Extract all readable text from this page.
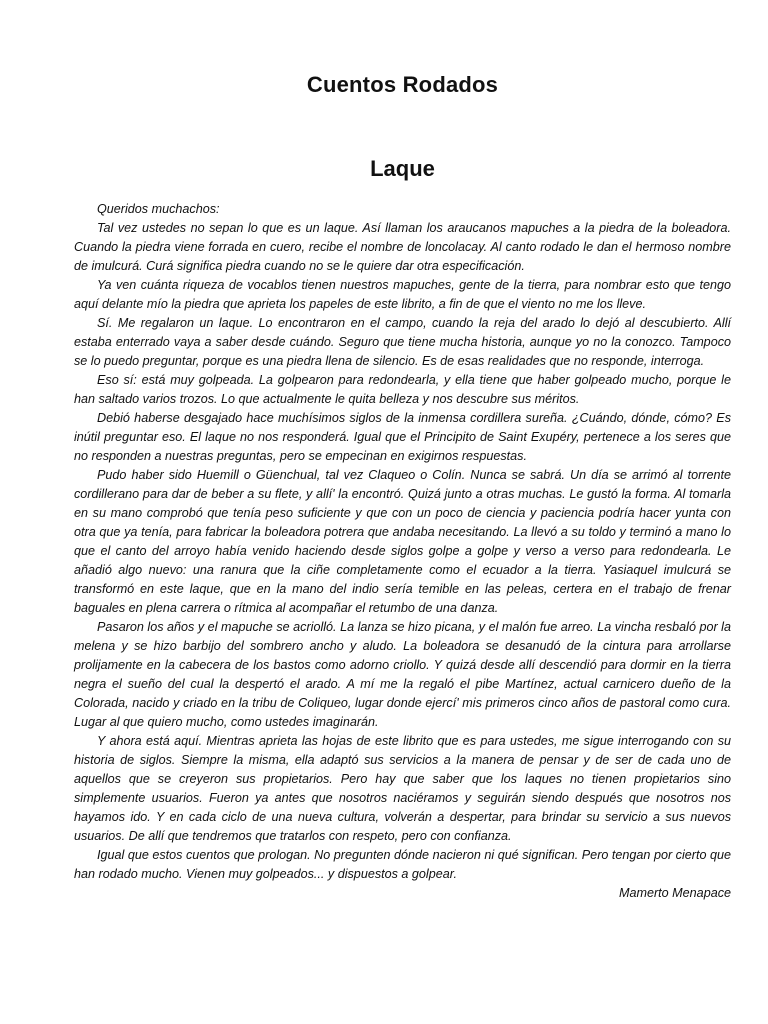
Cuentos Rodados
Laque

Queridos muchachos:

Tal vez ustedes no sepan lo que es un laque. Así llaman los araucanos mapuches a la piedra de la boleadora. Cuando la piedra viene forrada en cuero, recibe el nombre de loncolacay. Al canto rodado le dan el hermoso nombre de imulcurá. Curá significa piedra cuando no se le quiere dar otra especificación.

Ya ven cuánta riqueza de vocablos tienen nuestros mapuches, gente de la tierra, para nombrar esto que tengo aquí delante mío la piedra que aprieta los papeles de este librito, a fin de que el viento no me los lleve.

Sí. Me regalaron un laque. Lo encontraron en el campo, cuando la reja del arado lo dejó al descubierto. Allí estaba enterrado vaya a saber desde cuándo. Seguro que tiene mucha historia, aunque yo no la conozco. Tampoco se lo puedo preguntar, porque es una piedra llena de silencio. Es de esas realidades que no responde, interroga.

Eso sí: está muy golpeada. La golpearon para redondearla, y ella tiene que haber golpeado mucho, porque le han saltado varios trozos. Lo que actualmente le quita belleza y nos descubre sus méritos.

Debió haberse desgajado hace muchísimos siglos de la inmensa cordillera sureña. ¿Cuándo, dónde, cómo? Es inútil preguntar eso. El laque no nos responderá. Igual que el Principito de Saint Exupéry, pertenece a los seres que no responden a nuestras preguntas, pero se empecinan en exigirnos respuestas.

Pudo haber sido Huemill o Güenchual, tal vez Claqueo o Colín. Nunca se sabrá. Un día se arrimó al torrente cordillerano para dar de beber a su flete, y allí' la encontró. Quizá junto a otras muchas. Le gustó la forma. Al tomarla en su mano comprobó que tenía peso suficiente y que con un poco de ciencia y paciencia podría hacer yunta con otra que ya tenía, para fabricar la boleadora potrera que andaba necesitando. La llevó a su toldo y terminó a mano lo que el canto del arroyo había venido haciendo desde siglos golpe a golpe y verso a verso para redondearla. Le añadió algo nuevo: una ranura que la ciñe completamente como el ecuador a la tierra. Yasiaquel imulcurá se transformó en este laque, que en la mano del indio sería temible en las peleas, certera en el trabajo de frenar baguales en plena carrera o rítmica al acompañar el retumbo de una danza.

Pasaron los años y el mapuche se acriolló. La lanza se hizo picana, y el malón fue arreo. La vincha resbaló por la melena y se hizo barbijo del sombrero ancho y aludo. La boleadora se desanudó de la cintura para arrollarse prolijamente en la cabecera de los bastos como adorno criollo. Y quizá desde allí descendió para dormir en la tierra negra el sueño del cual la despertó el arado. A mí me la regaló el pibe Martínez, actual carnicero dueño de la Colorada, nacido y criado en la tribu de Coliqueo, lugar donde ejercí' mis primeros cinco años de pastoral como cura. Lugar al que quiero mucho, como ustedes imaginarán.

Y ahora está aquí. Mientras aprieta las hojas de este librito que es para ustedes, me sigue interrogando con su historia de siglos. Siempre la misma, ella adaptó sus servicios a la manera de pensar y de ser de cada uno de aquellos que se creyeron sus propietarios. Pero hay que saber que los laques no tienen propietarios sino simplemente usuarios. Fueron ya antes que nosotros naciéramos y seguirán siendo después que nosotros nos hayamos ido. Y en cada ciclo de una nueva cultura, volverán a despertar, para brindar su servicio a sus nuevos usuarios. De allí que tendremos que tratarlos con respeto, pero con confianza.

Igual que estos cuentos que prologan. No pregunten dónde nacieron ni qué significan. Pero tengan por cierto que han rodado mucho. Vienen muy golpeados... y dispuestos a golpear.

Mamerto Menapace
